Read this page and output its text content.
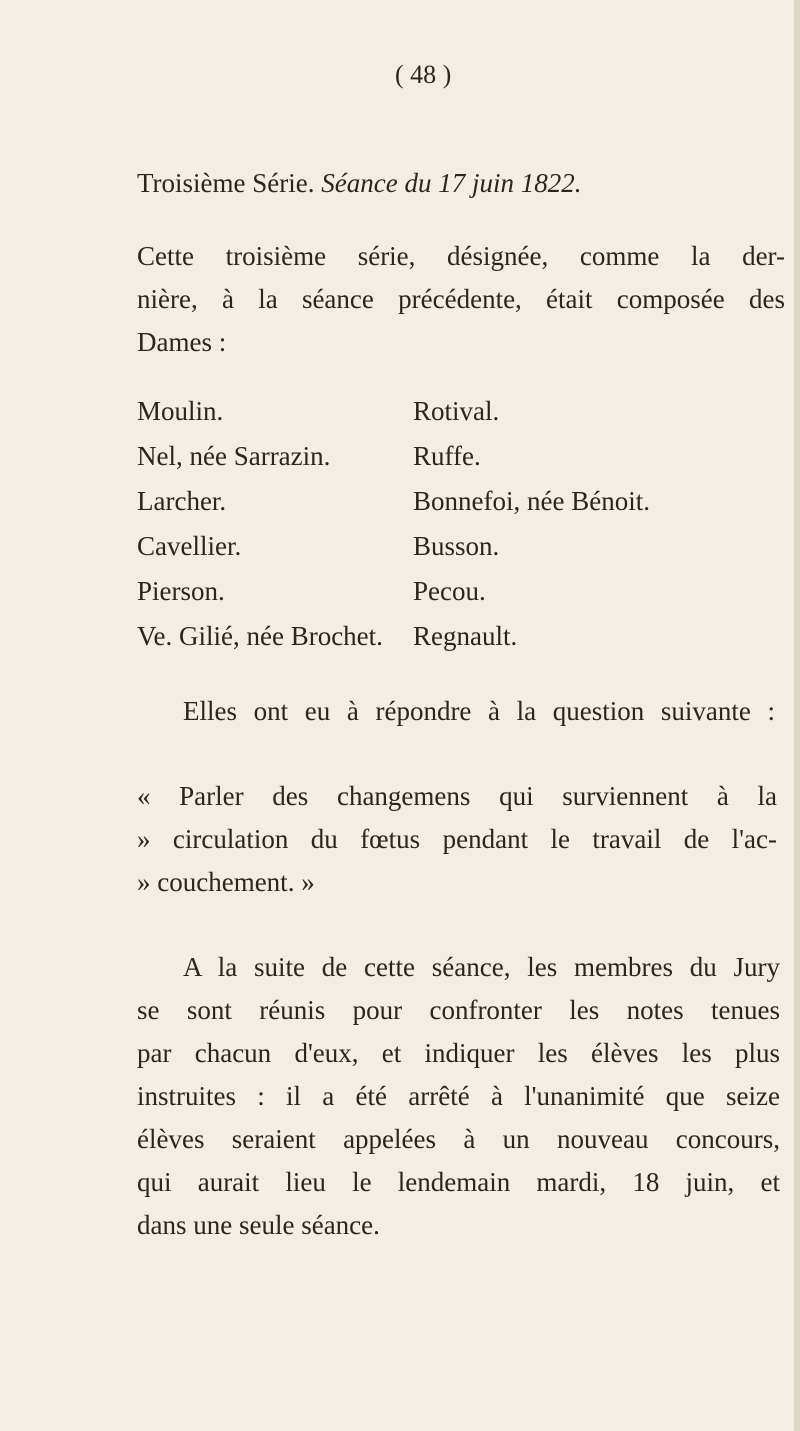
( 48 )
Troisième Série. Séance du 17 juin 1822.
Cette troisième série, désignée, comme la der-
nière, à la séance précédente, était composée des
Dames :
Moulin.
Nel, née Sarrazin.
Larcher.
Cavellier.
Pierson.
Ve. Gilié, née Brochet.
Rotival.
Ruffe.
Bonnefoi, née Bénoit.
Busson.
Pecou.
Regnault.
Elles ont eu à répondre à la question suivante :
« Parler des changemens qui surviennent à la
» circulation du fœtus pendant le travail de l'ac-
» couchement. »
A la suite de cette séance, les membres du Jury
se sont réunis pour confronter les notes tenues
par chacun d'eux, et indiquer les élèves les plus
instruites : il a été arrêté à l'unanimité que seize
élèves seraient appelées à un nouveau concours,
qui aurait lieu le lendemain mardi, 18 juin, et
dans une seule séance.
